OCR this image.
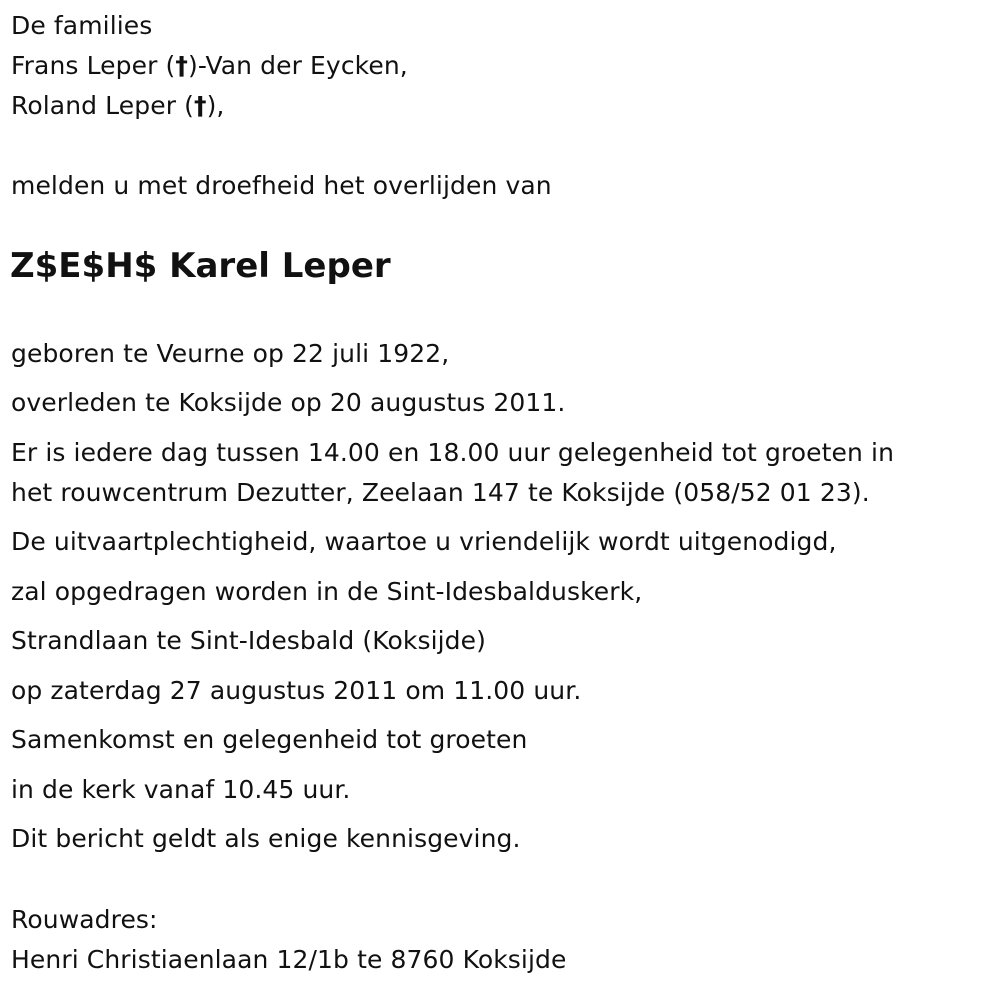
De families
Frans Leper (†)-Van der Eycken,
Roland Leper (†),
melden u met droefheid het overlijden van
Z$E$H$ Karel Leper
geboren te Veurne op 22 juli 1922,
overleden te Koksijde op 20 augustus 2011.
Er is iedere dag tussen 14.00 en 18.00 uur gelegenheid tot groeten in
het rouwcentrum Dezutter, Zeelaan 147 te Koksijde (058/52 01 23).
De uitvaartplechtigheid, waartoe u vriendelijk wordt uitgenodigd,
zal opgedragen worden in de Sint-Idesbalduskerk,
Strandlaan te Sint-Idesbald (Koksijde)
op zaterdag 27 augustus 2011 om 11.00 uur.
Samenkomst en gelegenheid tot groeten
in de kerk vanaf 10.45 uur.
Dit bericht geldt als enige kennisgeving.
Rouwadres:
Henri Christiaenlaan 12/1b te 8760 Koksijde
